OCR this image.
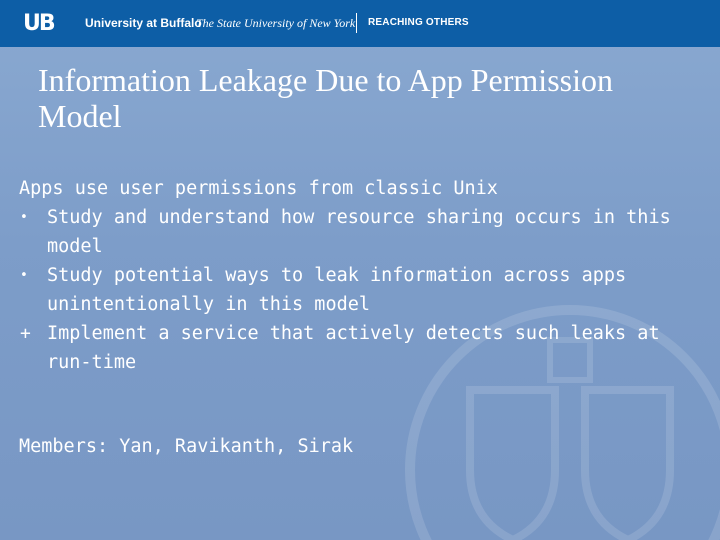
UB	University at Buffalo
The State University of New York REACHING OTHERS
Information Leakage Due to App Permission Model
Apps use user permissions from classic Unix
•	Study and understand how resource sharing occurs in this model
•	Study potential ways to leak information across apps unintentionally in this model
+ Implement a service that actively detects such leaks at run-time
Members: Yan, Ravikanth, Sirak
